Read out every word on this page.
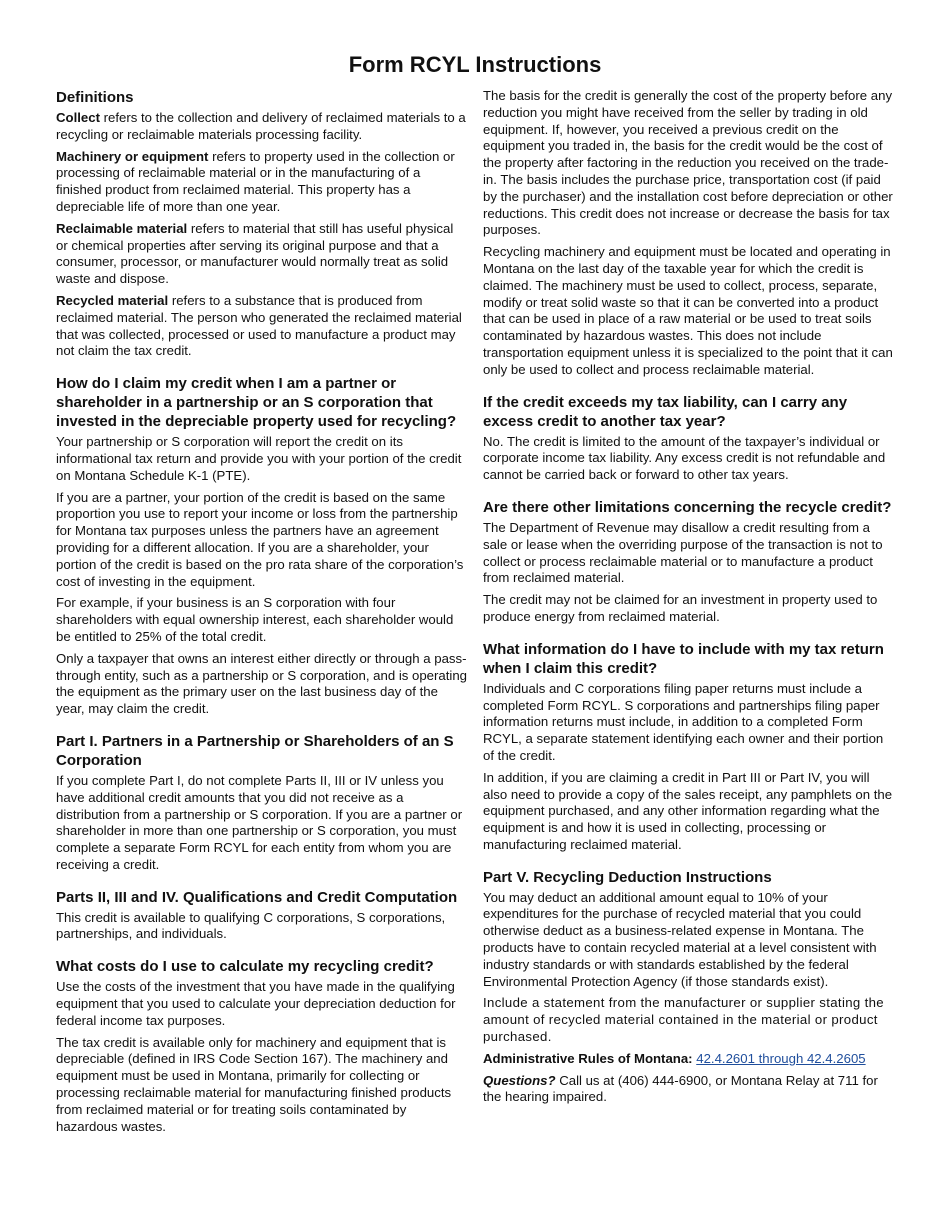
Form RCYL Instructions
Definitions

Collect refers to the collection and delivery of reclaimed materials to a recycling or reclaimable materials processing facility.

Machinery or equipment refers to property used in the collection or processing of reclaimable material or in the manufacturing of a finished product from reclaimed material. This property has a depreciable life of more than one year.

Reclaimable material refers to material that still has useful physical or chemical properties after serving its original purpose and that a consumer, processor, or manufacturer would normally treat as solid waste and dispose.

Recycled material refers to a substance that is produced from reclaimed material. The person who generated the reclaimed material that was collected, processed or used to manufacture a product may not claim the tax credit.

How do I claim my credit when I am a partner or shareholder in a partnership or an S corporation that invested in the depreciable property used for recycling?

Your partnership or S corporation will report the credit on its informational tax return and provide you with your portion of the credit on Montana Schedule K-1 (PTE).

If you are a partner, your portion of the credit is based on the same proportion you use to report your income or loss from the partnership for Montana tax purposes unless the partners have an agreement providing for a different allocation. If you are a shareholder, your portion of the credit is based on the pro rata share of the corporation’s cost of investing in the equipment.

For example, if your business is an S corporation with four shareholders with equal ownership interest, each shareholder would be entitled to 25% of the total credit.

Only a taxpayer that owns an interest either directly or through a pass-through entity, such as a partnership or S corporation, and is operating the equipment as the primary user on the last business day of the year, may claim the credit.

Part I. Partners in a Partnership or Shareholders of an S Corporation

If you complete Part I, do not complete Parts II, III or IV unless you have additional credit amounts that you did not receive as a distribution from a partnership or S corporation. If you are a partner or shareholder in more than one partnership or S corporation, you must complete a separate Form RCYL for each entity from whom you are receiving a credit.

Parts II, III and IV. Qualifications and Credit Computation

This credit is available to qualifying C corporations, S corporations, partnerships, and individuals.

What costs do I use to calculate my recycling credit?

Use the costs of the investment that you have made in the qualifying equipment that you used to calculate your depreciation deduction for federal income tax purposes.

The tax credit is available only for machinery and equipment that is depreciable (defined in IRS Code Section 167). The machinery and equipment must be used in Montana, primarily for collecting or processing reclaimable material for manufacturing finished products from reclaimed material or for treating soils contaminated by hazardous wastes.

The basis for the credit is generally the cost of the property before any reduction you might have received from the seller by trading in old equipment. If, however, you received a previous credit on the equipment you traded in, the basis for the credit would be the cost of the property after factoring in the reduction you received on the trade-in. The basis includes the purchase price, transportation cost (if paid by the purchaser) and the installation cost before depreciation or other reductions. This credit does not increase or decrease the basis for tax purposes.

Recycling machinery and equipment must be located and operating in Montana on the last day of the taxable year for which the credit is claimed. The machinery must be used to collect, process, separate, modify or treat solid waste so that it can be converted into a product that can be used in place of a raw material or be used to treat soils contaminated by hazardous wastes. This does not include transportation equipment unless it is specialized to the point that it can only be used to collect and process reclaimable material.

If the credit exceeds my tax liability, can I carry any excess credit to another tax year?

No. The credit is limited to the amount of the taxpayer’s individual or corporate income tax liability. Any excess credit is not refundable and cannot be carried back or forward to other tax years.

Are there other limitations concerning the recycle credit?

The Department of Revenue may disallow a credit resulting from a sale or lease when the overriding purpose of the transaction is not to collect or process reclaimable material or to manufacture a product from reclaimed material.

The credit may not be claimed for an investment in property used to produce energy from reclaimed material.

What information do I have to include with my tax return when I claim this credit?

Individuals and C corporations filing paper returns must include a completed Form RCYL. S corporations and partnerships filing paper information returns must include, in addition to a completed Form RCYL, a separate statement identifying each owner and their portion of the credit.

In addition, if you are claiming a credit in Part III or Part IV, you will also need to provide a copy of the sales receipt, any pamphlets on the equipment purchased, and any other information regarding what the equipment is and how it is used in collecting, processing or manufacturing reclaimed material.

Part V. Recycling Deduction Instructions

You may deduct an additional amount equal to 10% of your expenditures for the purchase of recycled material that you could otherwise deduct as a business-related expense in Montana. The products have to contain recycled material at a level consistent with industry standards or with standards established by the federal Environmental Protection Agency (if those standards exist).

Include a statement from the manufacturer or supplier stating the amount of recycled material contained in the material or product purchased.

Administrative Rules of Montana: 42.4.2601 through 42.4.2605

Questions? Call us at (406) 444-6900, or Montana Relay at 711 for the hearing impaired.
